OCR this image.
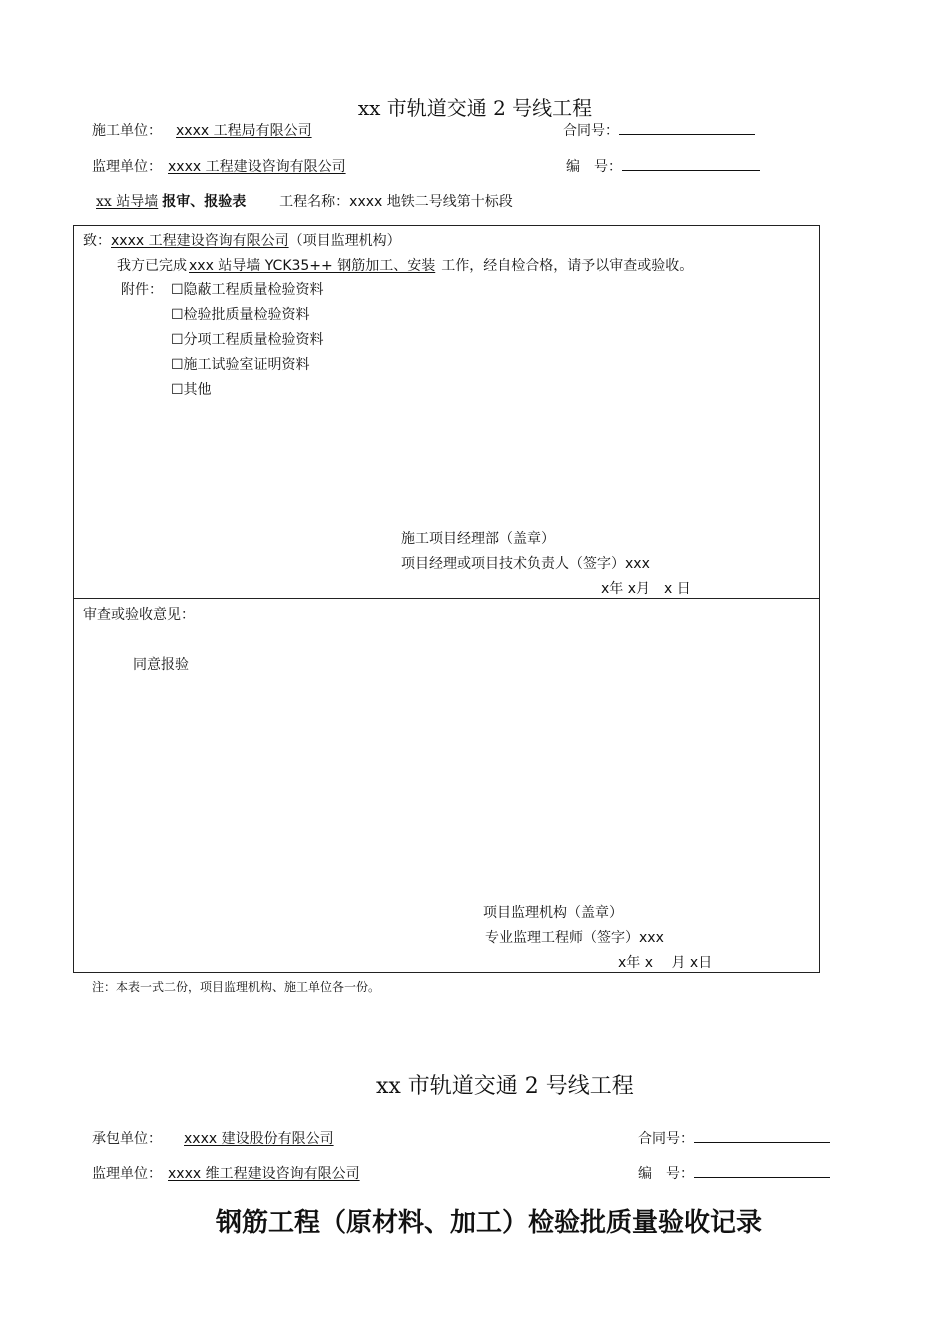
xx 市轨道交通 2 号线工程
施工单位： xxxx 工程局有限公司	合同号：
监理单位： xxxx 工程建设咨询有限公司	编　号：
xx 站导墙 报审、报验表 工程名称：xxxx 地铁二号线第十标段
致：xxxx 工程建设咨询有限公司（项目监理机构）
我方已完成 xxx 站导墙 YCK35++ 钢筋加工、安装 工作，经自检合格，请予以审查或验收。
附件： ☐隐蔽工程质量检验资料
☐检验批质量检验资料
☐分项工程质量检验资料
☐施工试验室证明资料
☐其他
施工项目经理部（盖章）
项目经理或项目技术负责人（签字）xxx
x年 x月　x 日
审查或验收意见：
同意报验
项目监理机构（盖章）
专业监理工程师（签字）xxx
x年 x　 月 x日
注：本表一式二份，项目监理机构、施工单位各一份。
xx 市轨道交通 2 号线工程
承包单位： xxxx 建设股份有限公司	合同号：
监理单位： xxxx 维工程建设咨询有限公司	编　号：
钢筋工程（原材料、加工）检验批质量验收记录
